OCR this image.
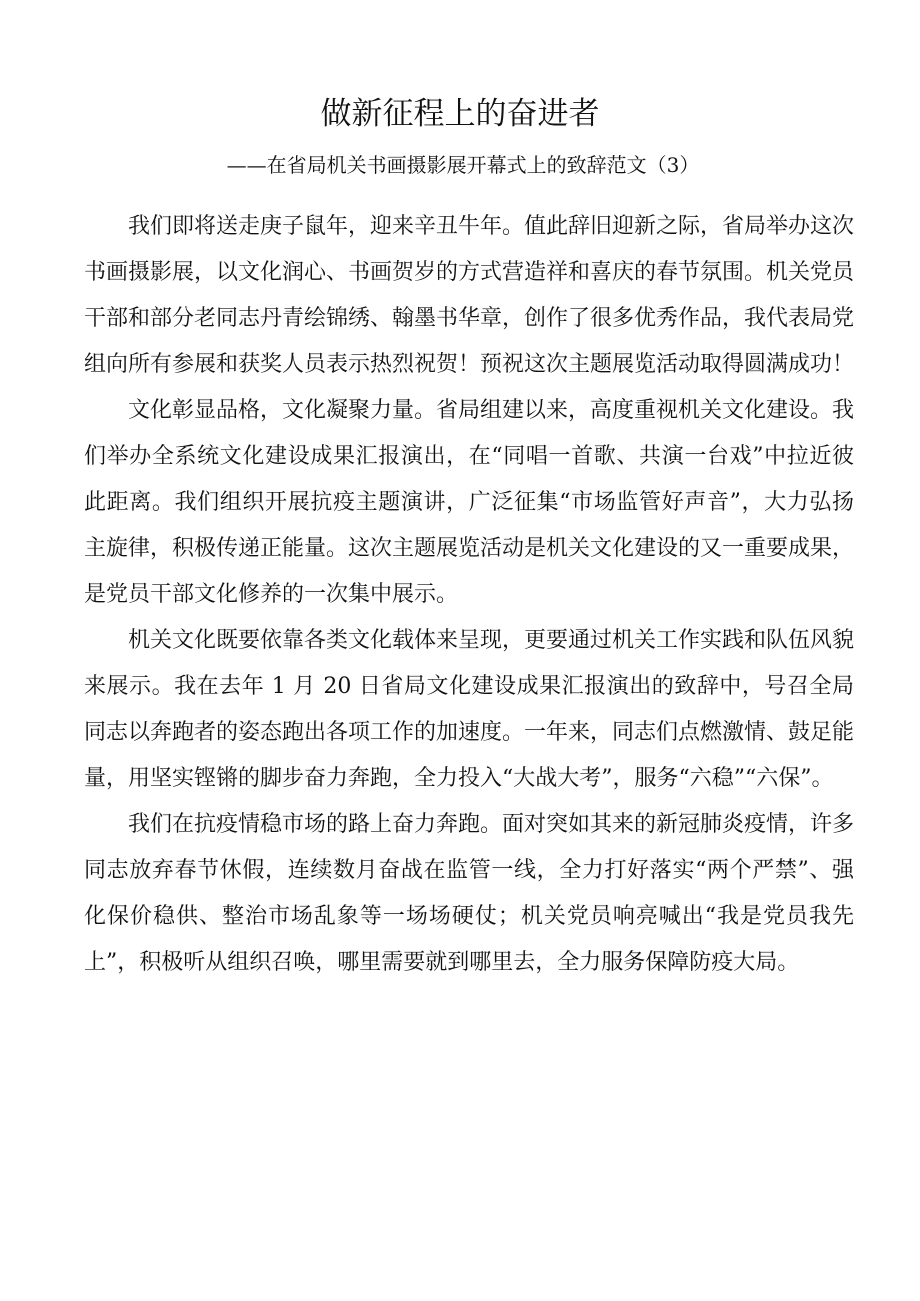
做新征程上的奋进者
——在省局机关书画摄影展开幕式上的致辞范文（3）

我们即将送走庚子鼠年，迎来辛丑牛年。值此辞旧迎新之际，省局举办这次书画摄影展，以文化润心、书画贺岁的方式营造祥和喜庆的春节氛围。机关党员干部和部分老同志丹青绘锦绣、翰墨书华章，创作了很多优秀作品，我代表局党组向所有参展和获奖人员表示热烈祝贺！预祝这次主题展览活动取得圆满成功！

文化彰显品格，文化凝聚力量。省局组建以来，高度重视机关文化建设。我们举办全系统文化建设成果汇报演出，在“同唱一首歌、共演一台戏”中拉近彼此距离。我们组织开展抗疫主题演讲，广泛征集“市场监管好声音”，大力弘扬主旋律，积极传递正能量。这次主题展览活动是机关文化建设的又一重要成果，是党员干部文化修养的一次集中展示。

机关文化既要依靠各类文化载体来呈现，更要通过机关工作实践和队伍风貌来展示。我在去年 1 月 20 日省局文化建设成果汇报演出的致辞中，号召全局同志以奔跑者的姿态跑出各项工作的加速度。一年来，同志们点燃激情、鼓足能量，用坚实铿锵的脚步奋力奔跑，全力投入“大战大考”，服务“六稳”“六保”。

我们在抗疫情稳市场的路上奋力奔跑。面对突如其来的新冠肺炎疫情，许多同志放弃春节休假，连续数月奋战在监管一线，全力打好落实“两个严禁”、强化保价稳供、整治市场乱象等一场场硬仗；机关党员响亮喊出“我是党员我先上”，积极听从组织召唤，哪里需要就到哪里去，全力服务保障防疫大局。
